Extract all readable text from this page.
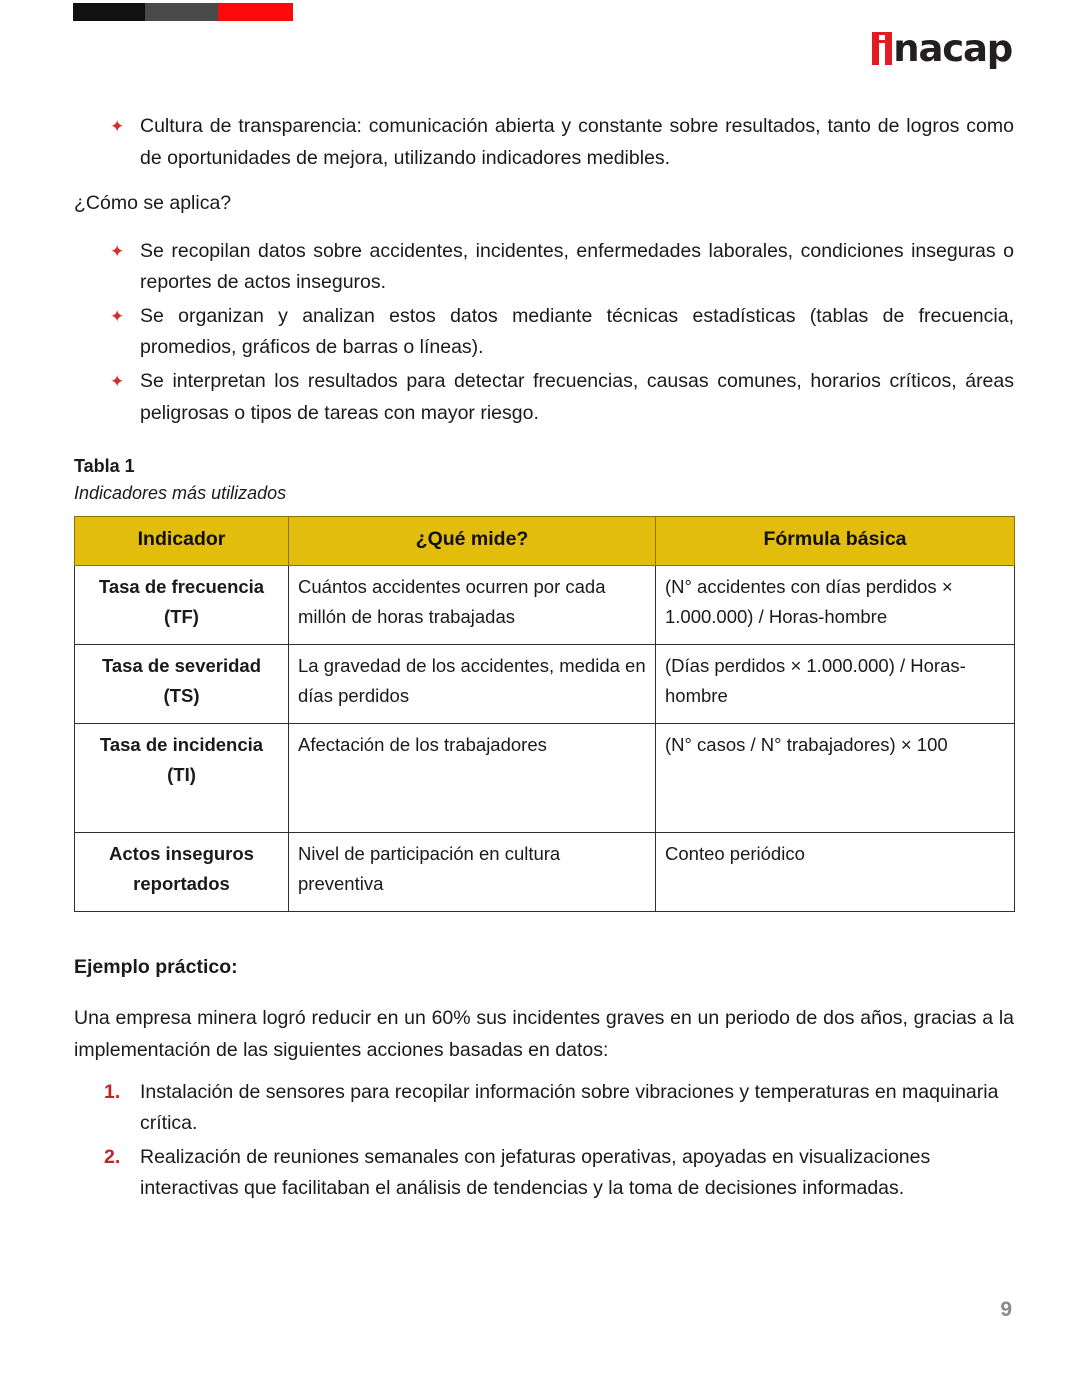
nacap
✦ Cultura de transparencia: comunicación abierta y constante sobre resultados, tanto de logros como de oportunidades de mejora, utilizando indicadores medibles.

¿Cómo se aplica?

✦ Se recopilan datos sobre accidentes, incidentes, enfermedades laborales, condiciones inseguras o reportes de actos inseguros.
✦ Se organizan y analizan estos datos mediante técnicas estadísticas (tablas de frecuencia, promedios, gráficos de barras o líneas).
✦ Se interpretan los resultados para detectar frecuencias, causas comunes, horarios críticos, áreas peligrosas o tipos de tareas con mayor riesgo.

Tabla 1

Indicadores más utilizados

Indicador	¿Qué mide?	Fórmula básica
Tasa de frecuencia (TF)	Cuántos accidentes ocurren por cada millón de horas trabajadas	(N° accidentes con días perdidos × 1.000.000) / Horas-hombre
Tasa de severidad (TS)	La gravedad de los accidentes, medida en días perdidos	(Días perdidos × 1.000.000) / Horas-hombre
Tasa de incidencia (TI)	Afectación de los trabajadores	(N° casos / N° trabajadores) × 100
Actos inseguros reportados	Nivel de participación en cultura preventiva	Conteo periódico

Ejemplo práctico:

Una empresa minera logró reducir en un 60% sus incidentes graves en un periodo de dos años, gracias a la implementación de las siguientes acciones basadas en datos:

1. Instalación de sensores para recopilar información sobre vibraciones y temperaturas en maquinaria crítica.
2. Realización de reuniones semanales con jefaturas operativas, apoyadas en visualizaciones interactivas que facilitaban el análisis de tendencias y la toma de decisiones informadas.
9
